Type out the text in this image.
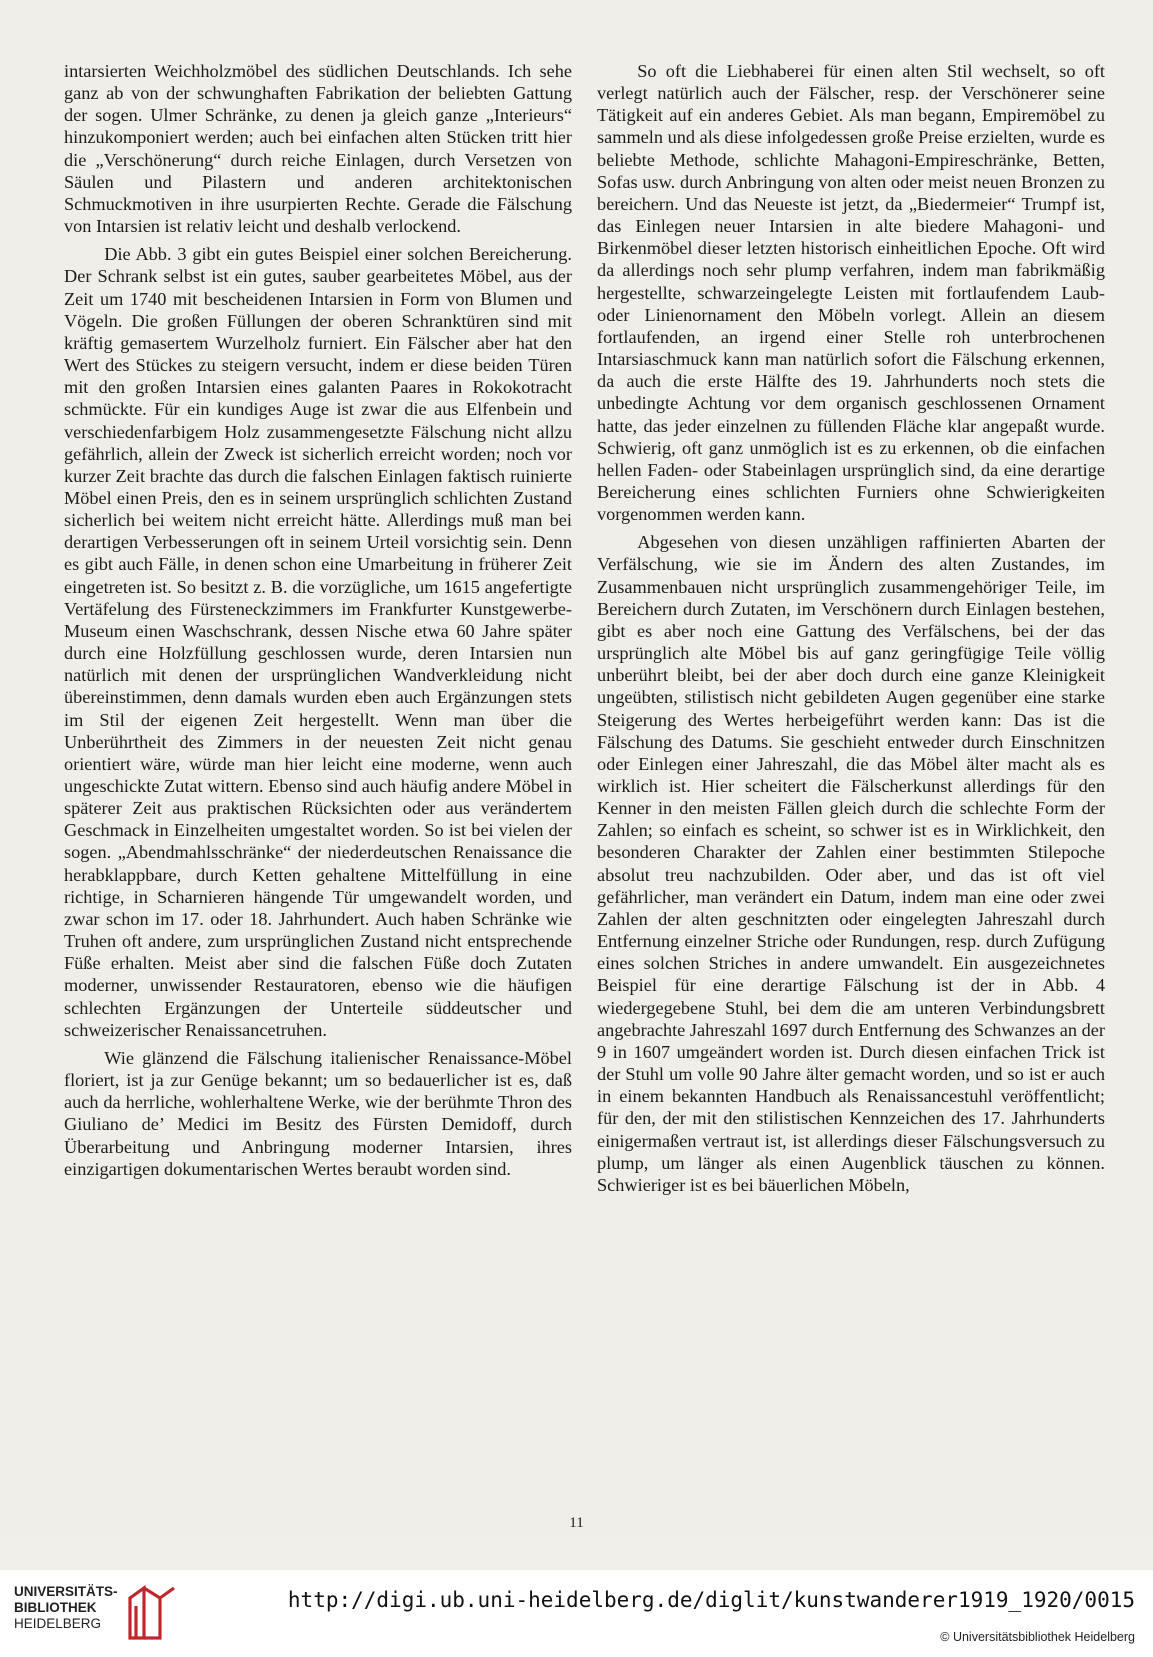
intarsierten Weichholzmöbel des südlichen Deutschlands. Ich sehe ganz ab von der schwunghaften Fabrikation der beliebten Gattung der sogen. Ulmer Schränke, zu denen ja gleich ganze „Interieurs“ hinzukomponiert werden; auch bei einfachen alten Stücken tritt hier die „Verschönerung“ durch reiche Einlagen, durch Versetzen von Säulen und Pilastern und anderen architektonischen Schmuckmotiven in ihre usurpierten Rechte. Gerade die Fälschung von Intarsien ist relativ leicht und deshalb verlockend.

Die Abb. 3 gibt ein gutes Beispiel einer solchen Bereicherung. Der Schrank selbst ist ein gutes, sauber gearbeitetes Möbel, aus der Zeit um 1740 mit bescheidenen Intarsien in Form von Blumen und Vögeln. Die großen Füllungen der oberen Schranktüren sind mit kräftig gemasertem Wurzelholz furniert. Ein Fälscher aber hat den Wert des Stückes zu steigern versucht, indem er diese beiden Türen mit den großen Intarsien eines galanten Paares in Rokokotracht schmückte. Für ein kundiges Auge ist zwar die aus Elfenbein und verschiedenfarbigem Holz zusammengesetzte Fälschung nicht allzu gefährlich, allein der Zweck ist sicherlich erreicht worden; noch vor kurzer Zeit brachte das durch die falschen Einlagen faktisch ruinierte Möbel einen Preis, den es in seinem ursprünglich schlichten Zustand sicherlich bei weitem nicht erreicht hätte. Allerdings muß man bei derartigen Verbesserungen oft in seinem Urteil vorsichtig sein. Denn es gibt auch Fälle, in denen schon eine Umarbeitung in früherer Zeit eingetreten ist. So besitzt z. B. die vorzügliche, um 1615 angefertigte Vertäfelung des Fürsteneckzimmers im Frankfurter Kunstgewerbe-Museum einen Waschschrank, dessen Nische etwa 60 Jahre später durch eine Holzfüllung geschlossen wurde, deren Intarsien nun natürlich mit denen der ursprünglichen Wandverkleidung nicht übereinstimmen, denn damals wurden eben auch Ergänzungen stets im Stil der eigenen Zeit hergestellt. Wenn man über die Unberührtheit des Zimmers in der neuesten Zeit nicht genau orientiert wäre, würde man hier leicht eine moderne, wenn auch ungeschickte Zutat wittern. Ebenso sind auch häufig andere Möbel in späterer Zeit aus praktischen Rücksichten oder aus verändertem Geschmack in Einzelheiten umgestaltet worden. So ist bei vielen der sogen. „Abendmahlsschränke“ der niederdeutschen Renaissance die herabklappbare, durch Ketten gehaltene Mittelfüllung in eine richtige, in Scharnieren hängende Tür umgewandelt worden, und zwar schon im 17. oder 18. Jahrhundert. Auch haben Schränke wie Truhen oft andere, zum ursprünglichen Zustand nicht entsprechende Füße erhalten. Meist aber sind die falschen Füße doch Zutaten moderner, unwissender Restauratoren, ebenso wie die häufigen schlechten Ergänzungen der Unterteile süddeutscher und schweizerischer Renaissancetruhen.

Wie glänzend die Fälschung italienischer Renaissance-Möbel floriert, ist ja zur Genüge bekannt; um so bedauerlicher ist es, daß auch da herrliche, wohlerhaltene Werke, wie der berühmte Thron des Giuliano de’ Medici im Besitz des Fürsten Demidoff, durch Überarbeitung und Anbringung moderner Intarsien, ihres einzigartigen dokumentarischen Wertes beraubt worden sind.

So oft die Liebhaberei für einen alten Stil wechselt, so oft verlegt natürlich auch der Fälscher, resp. der Verschönerer seine Tätigkeit auf ein anderes Gebiet. Als man begann, Empiremöbel zu sammeln und als diese infolgedessen große Preise erzielten, wurde es beliebte Methode, schlichte Mahagoni-Empireschränke, Betten, Sofas usw. durch Anbringung von alten oder meist neuen Bronzen zu bereichern. Und das Neueste ist jetzt, da „Biedermeier“ Trumpf ist, das Einlegen neuer Intarsien in alte biedere Mahagoni- und Birkenmöbel dieser letzten historisch einheitlichen Epoche. Oft wird da allerdings noch sehr plump verfahren, indem man fabrikmäßig hergestellte, schwarzeingelegte Leisten mit fortlaufendem Laub- oder Linienornament den Möbeln vorlegt. Allein an diesem fortlaufenden, an irgend einer Stelle roh unterbrochenen Intarsiaschmuck kann man natürlich sofort die Fälschung erkennen, da auch die erste Hälfte des 19. Jahrhunderts noch stets die unbedingte Achtung vor dem organisch geschlossenen Ornament hatte, das jeder einzelnen zu füllenden Fläche klar angepaßt wurde. Schwierig, oft ganz unmöglich ist es zu erkennen, ob die einfachen hellen Faden- oder Stabeinlagen ursprünglich sind, da eine derartige Bereicherung eines schlichten Furniers ohne Schwierigkeiten vorgenommen werden kann.

Abgesehen von diesen unzähligen raffinierten Abarten der Verfälschung, wie sie im Ändern des alten Zustandes, im Zusammenbauen nicht ursprünglich zusammengehöriger Teile, im Bereichern durch Zutaten, im Verschönern durch Einlagen bestehen, gibt es aber noch eine Gattung des Verfälschens, bei der das ursprünglich alte Möbel bis auf ganz geringfügige Teile völlig unberührt bleibt, bei der aber doch durch eine ganze Kleinigkeit ungeübten, stilistisch nicht gebildeten Augen gegenüber eine starke Steigerung des Wertes herbeigeführt werden kann: Das ist die Fälschung des Datums. Sie geschieht entweder durch Einschnitzen oder Einlegen einer Jahreszahl, die das Möbel älter macht als es wirklich ist. Hier scheitert die Fälscherkunst allerdings für den Kenner in den meisten Fällen gleich durch die schlechte Form der Zahlen; so einfach es scheint, so schwer ist es in Wirklichkeit, den besonderen Charakter der Zahlen einer bestimmten Stilepoche absolut treu nachzubilden. Oder aber, und das ist oft viel gefährlicher, man verändert ein Datum, indem man eine oder zwei Zahlen der alten geschnitzten oder eingelegten Jahreszahl durch Entfernung einzelner Striche oder Rundungen, resp. durch Zufügung eines solchen Striches in andere umwandelt. Ein ausgezeichnetes Beispiel für eine derartige Fälschung ist der in Abb. 4 wiedergegebene Stuhl, bei dem die am unteren Verbindungsbrett angebrachte Jahreszahl 1697 durch Entfernung des Schwanzes an der 9 in 1607 umgeändert worden ist. Durch diesen einfachen Trick ist der Stuhl um volle 90 Jahre älter gemacht worden, und so ist er auch in einem bekannten Handbuch als Renaissancestuhl veröffentlicht; für den, der mit den stilistischen Kennzeichen des 17. Jahrhunderts einigermaßen vertraut ist, ist allerdings dieser Fälschungsversuch zu plump, um länger als einen Augenblick täuschen zu können. Schwieriger ist es bei bäuerlichen Möbeln,

11
UNIVERSITÄTS-
BIBLIOTHEK
HEIDELBERG
http://digi.ub.uni-heidelberg.de/diglit/kunstwanderer1919_1920/0015
© Universitätsbibliothek Heidelberg
